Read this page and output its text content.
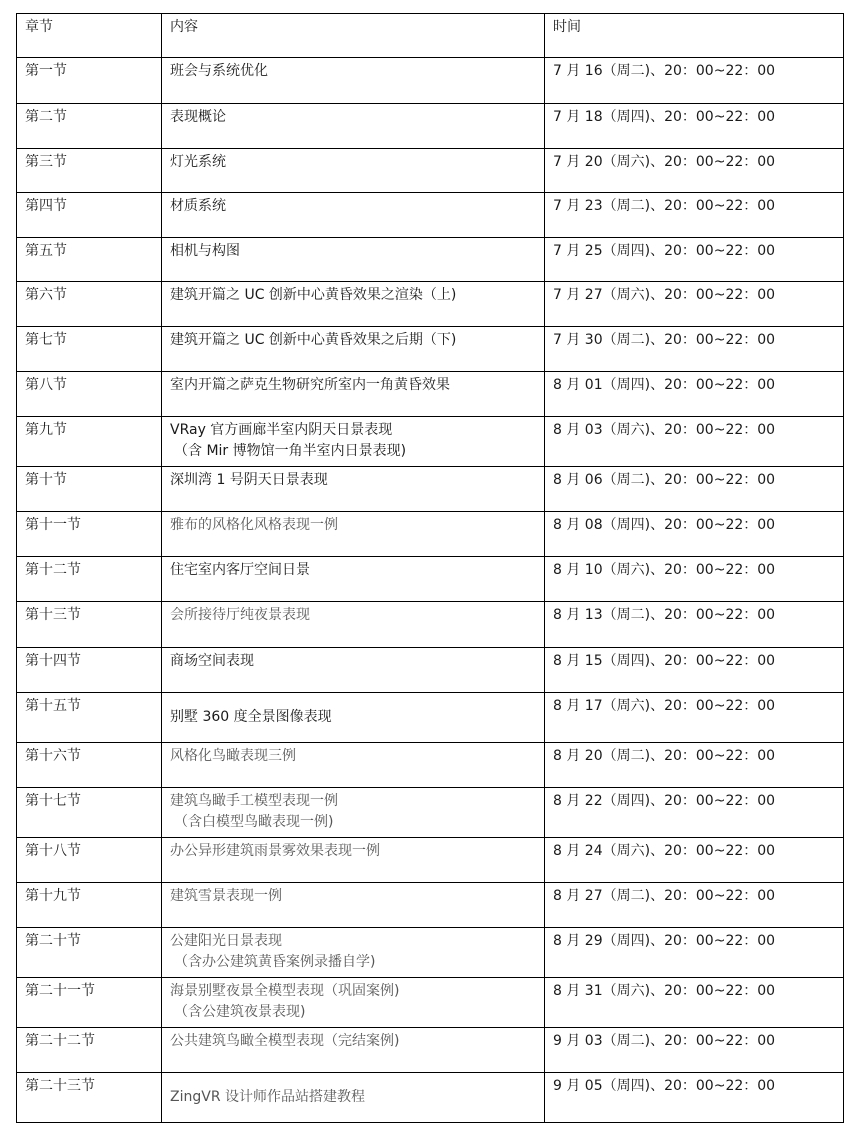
章节	内容	时间
第一节	班会与系统优化	7 月 16（周二)、20：00~22：00
第二节	表现概论	7 月 18（周四)、20：00~22：00
第三节	灯光系统	7 月 20（周六)、20：00~22：00
第四节	材质系统	7 月 23（周二)、20：00~22：00
第五节	相机与构图	7 月 25（周四)、20：00~22：00
第六节	建筑开篇之 UC 创新中心黄昏效果之渲染（上)	7 月 27（周六)、20：00~22：00
第七节	建筑开篇之 UC 创新中心黄昏效果之后期（下)	7 月 30（周二)、20：00~22：00
第八节	室内开篇之萨克生物研究所室内一角黄昏效果	8 月 01（周四)、20：00~22：00
第九节	VRay 官方画廊半室内阴天日景表现
（含 Mir 博物馆一角半室内日景表现)	8 月 03（周六)、20：00~22：00
第十节	深圳湾 1 号阴天日景表现	8 月 06（周二)、20：00~22：00
第十一节	雅布的风格化风格表现一例	8 月 08（周四)、20：00~22：00
第十二节	住宅室内客厅空间日景	8 月 10（周六)、20：00~22：00
第十三节	会所接待厅纯夜景表现	8 月 13（周二)、20：00~22：00
第十四节	商场空间表现	8 月 15（周四)、20：00~22：00
第十五节	别墅 360 度全景图像表现	8 月 17（周六)、20：00~22：00
第十六节	风格化鸟瞰表现三例	8 月 20（周二)、20：00~22：00
第十七节	建筑鸟瞰手工模型表现一例
（含白模型鸟瞰表现一例)	8 月 22（周四)、20：00~22：00
第十八节	办公异形建筑雨景雾效果表现一例	8 月 24（周六)、20：00~22：00
第十九节	建筑雪景表现一例	8 月 27（周二)、20：00~22：00
第二十节	公建阳光日景表现
（含办公建筑黄昏案例录播自学)	8 月 29（周四)、20：00~22：00
第二十一节	海景别墅夜景全模型表现（巩固案例)
（含公建筑夜景表现)	8 月 31（周六)、20：00~22：00
第二十二节	公共建筑鸟瞰全模型表现（完结案例)	9 月 03（周二)、20：00~22：00
第二十三节	ZingVR 设计师作品站搭建教程	9 月 05（周四)、20：00~22：00
